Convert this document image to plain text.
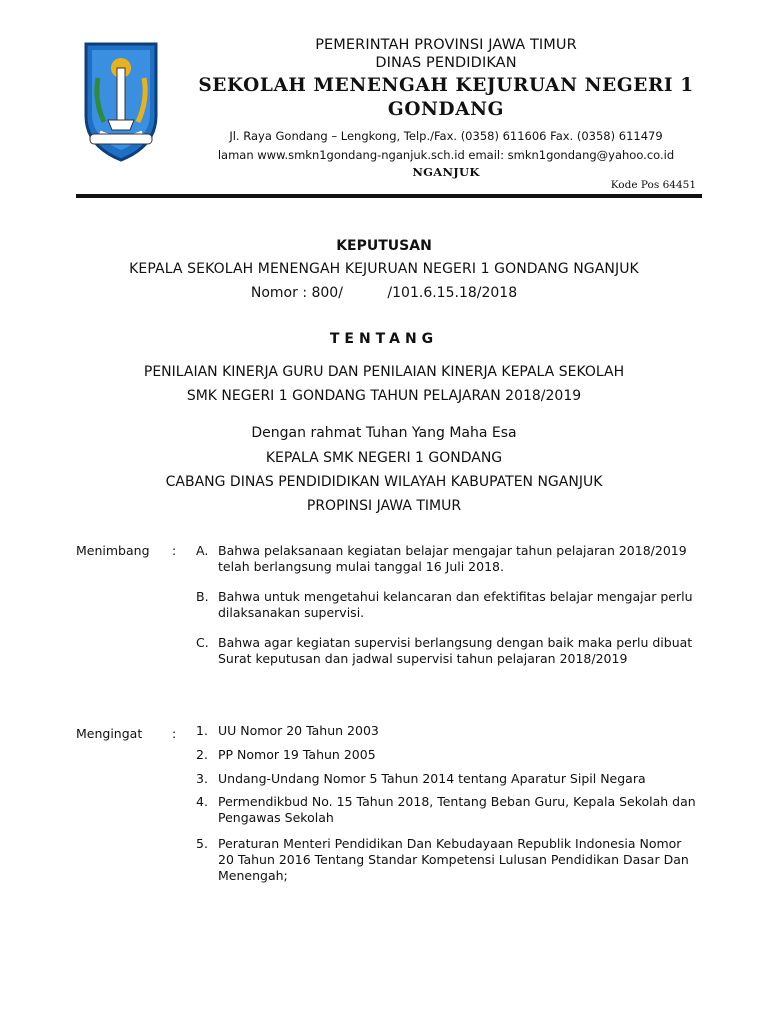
PEMERINTAH PROVINSI JAWA TIMUR
DINAS PENDIDIKAN
SEKOLAH MENENGAH KEJURUAN NEGERI 1 GONDANG
Jl. Raya Gondang – Lengkong, Telp./Fax. (0358) 611606 Fax. (0358) 611479
laman www.smkn1gondang-nganjuk.sch.id email: smkn1gondang@yahoo.co.id
NGANJUK
Kode Pos 64451
KEPUTUSAN
KEPALA SEKOLAH MENENGAH KEJURUAN NEGERI 1 GONDANG NGANJUK
Nomor : 800/          /101.6.15.18/2018
TENTANG
PENILAIAN KINERJA GURU DAN PENILAIAN KINERJA KEPALA SEKOLAH
SMK NEGERI 1 GONDANG TAHUN PELAJARAN 2018/2019
Dengan rahmat Tuhan Yang Maha Esa
KEPALA SMK NEGERI 1 GONDANG
CABANG DINAS PENDIDIDIKAN WILAYAH KABUPATEN NGANJUK
PROPINSI JAWA TIMUR
Menimbang : A. Bahwa pelaksanaan kegiatan belajar mengajar tahun pelajaran 2018/2019 telah berlangsung mulai tanggal 16 Juli 2018.
B. Bahwa untuk mengetahui kelancaran dan efektifitas belajar mengajar perlu dilaksanakan supervisi.
C. Bahwa agar kegiatan supervisi berlangsung dengan baik maka perlu dibuat Surat keputusan dan jadwal supervisi tahun pelajaran 2018/2019
Mengingat : 1. UU Nomor 20 Tahun 2003
2. PP Nomor 19 Tahun 2005
3. Undang-Undang Nomor 5 Tahun 2014 tentang Aparatur Sipil Negara
4. Permendikbud No. 15 Tahun 2018, Tentang Beban Guru, Kepala Sekolah dan Pengawas Sekolah
5. Peraturan Menteri Pendidikan Dan Kebudayaan Republik Indonesia Nomor 20 Tahun 2016 Tentang Standar Kompetensi Lulusan Pendidikan Dasar Dan Menengah;
